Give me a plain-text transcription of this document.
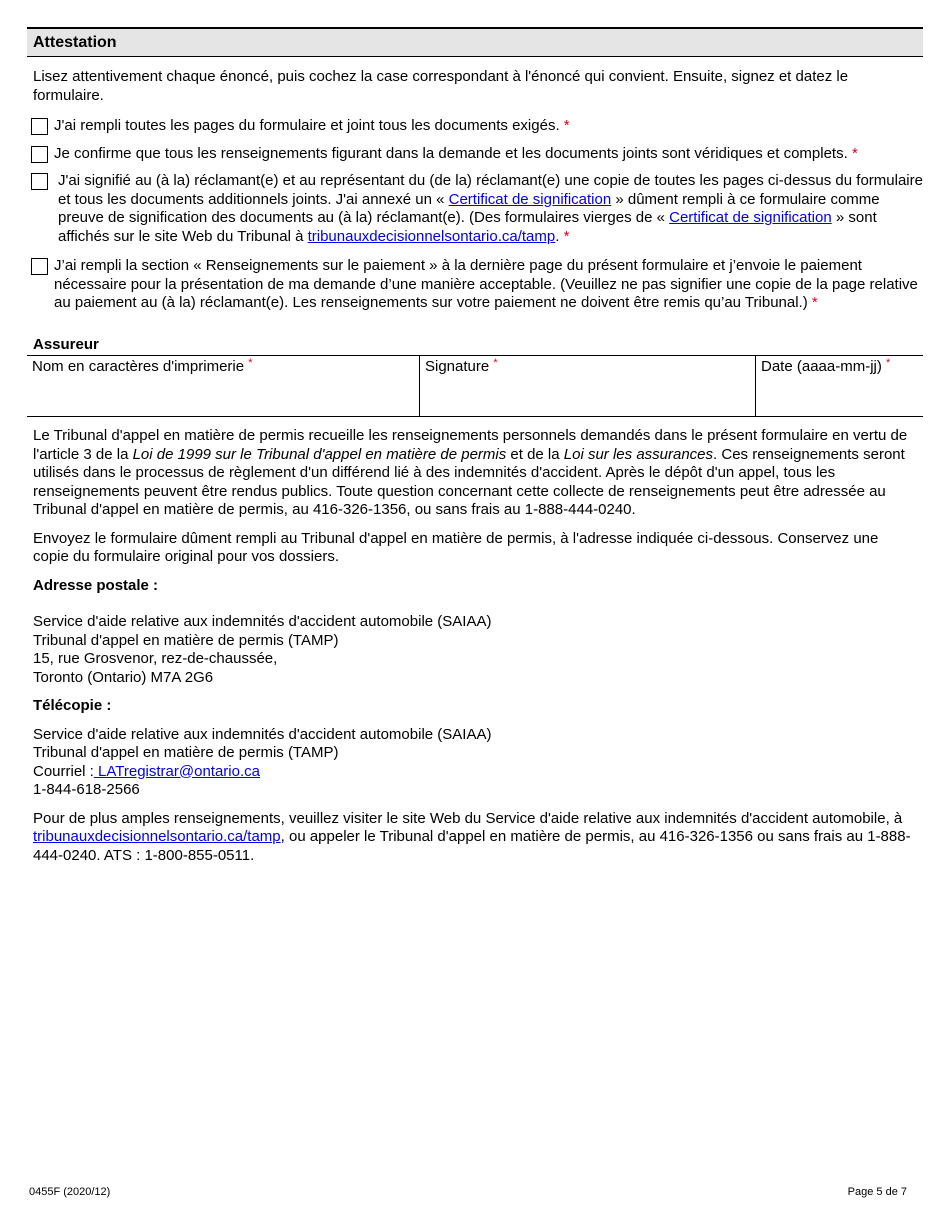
Attestation
Lisez attentivement chaque énoncé, puis cochez la case correspondant à l'énoncé qui convient. Ensuite, signez et datez le formulaire.
J'ai rempli toutes les pages du formulaire et joint tous les documents exigés. *
Je confirme que tous les renseignements figurant dans la demande et les documents joints sont véridiques et complets. *
J'ai signifié au (à la) réclamant(e) et au représentant du (de la) réclamant(e) une copie de toutes les pages ci-dessus du formulaire et tous les documents additionnels joints. J'ai annexé un « Certificat de signification » dûment rempli à ce formulaire comme preuve de signification des documents au (à la) réclamant(e). (Des formulaires vierges de « Certificat de signification » sont affichés sur le site Web du Tribunal à tribunauxdecisionnelsontario.ca/tamp. *
J’ai rempli la section « Renseignements sur le paiement » à la dernière page du présent formulaire et j’envoie le paiement nécessaire pour la présentation de ma demande d’une manière acceptable. (Veuillez ne pas signifier une copie de la page relative au paiement au (à la) réclamant(e). Les renseignements sur votre paiement ne doivent être remis qu’au Tribunal.) *
Assureur
Nom en caractères d'imprimerie *	Signature *	Date (aaaa-mm-jj) *
Le Tribunal d'appel en matière de permis recueille les renseignements personnels demandés dans le présent formulaire en vertu de l'article 3 de la Loi de 1999 sur le Tribunal d'appel en matière de permis et de la Loi sur les assurances. Ces renseignements seront utilisés dans le processus de règlement d'un différend lié à des indemnités d'accident. Après le dépôt d'un appel, tous les renseignements peuvent être rendus publics. Toute question concernant cette collecte de renseignements peut être adressée au Tribunal d'appel en matière de permis, au 416-326-1356, ou sans frais au 1-888-444-0240.
Envoyez le formulaire dûment rempli au Tribunal d'appel en matière de permis, à l'adresse indiquée ci-dessous. Conservez une copie du formulaire original pour vos dossiers.
Adresse postale :
Service d'aide relative aux indemnités d'accident automobile (SAIAA)
Tribunal d'appel en matière de permis (TAMP)
15, rue Grosvenor, rez-de-chaussée,
Toronto (Ontario) M7A 2G6
Télécopie :
Service d'aide relative aux indemnités d'accident automobile (SAIAA)
Tribunal d'appel en matière de permis (TAMP)
Courriel : LATregistrar@ontario.ca
1-844-618-2566
Pour de plus amples renseignements, veuillez visiter le site Web du Service d'aide relative aux indemnités d'accident automobile, à tribunauxdecisionnelsontario.ca/tamp, ou appeler le Tribunal d'appel en matière de permis, au 416-326-1356 ou sans frais au 1-888-444-0240. ATS : 1-800-855-0511.
0455F (2020/12)	Page 5 de 7
